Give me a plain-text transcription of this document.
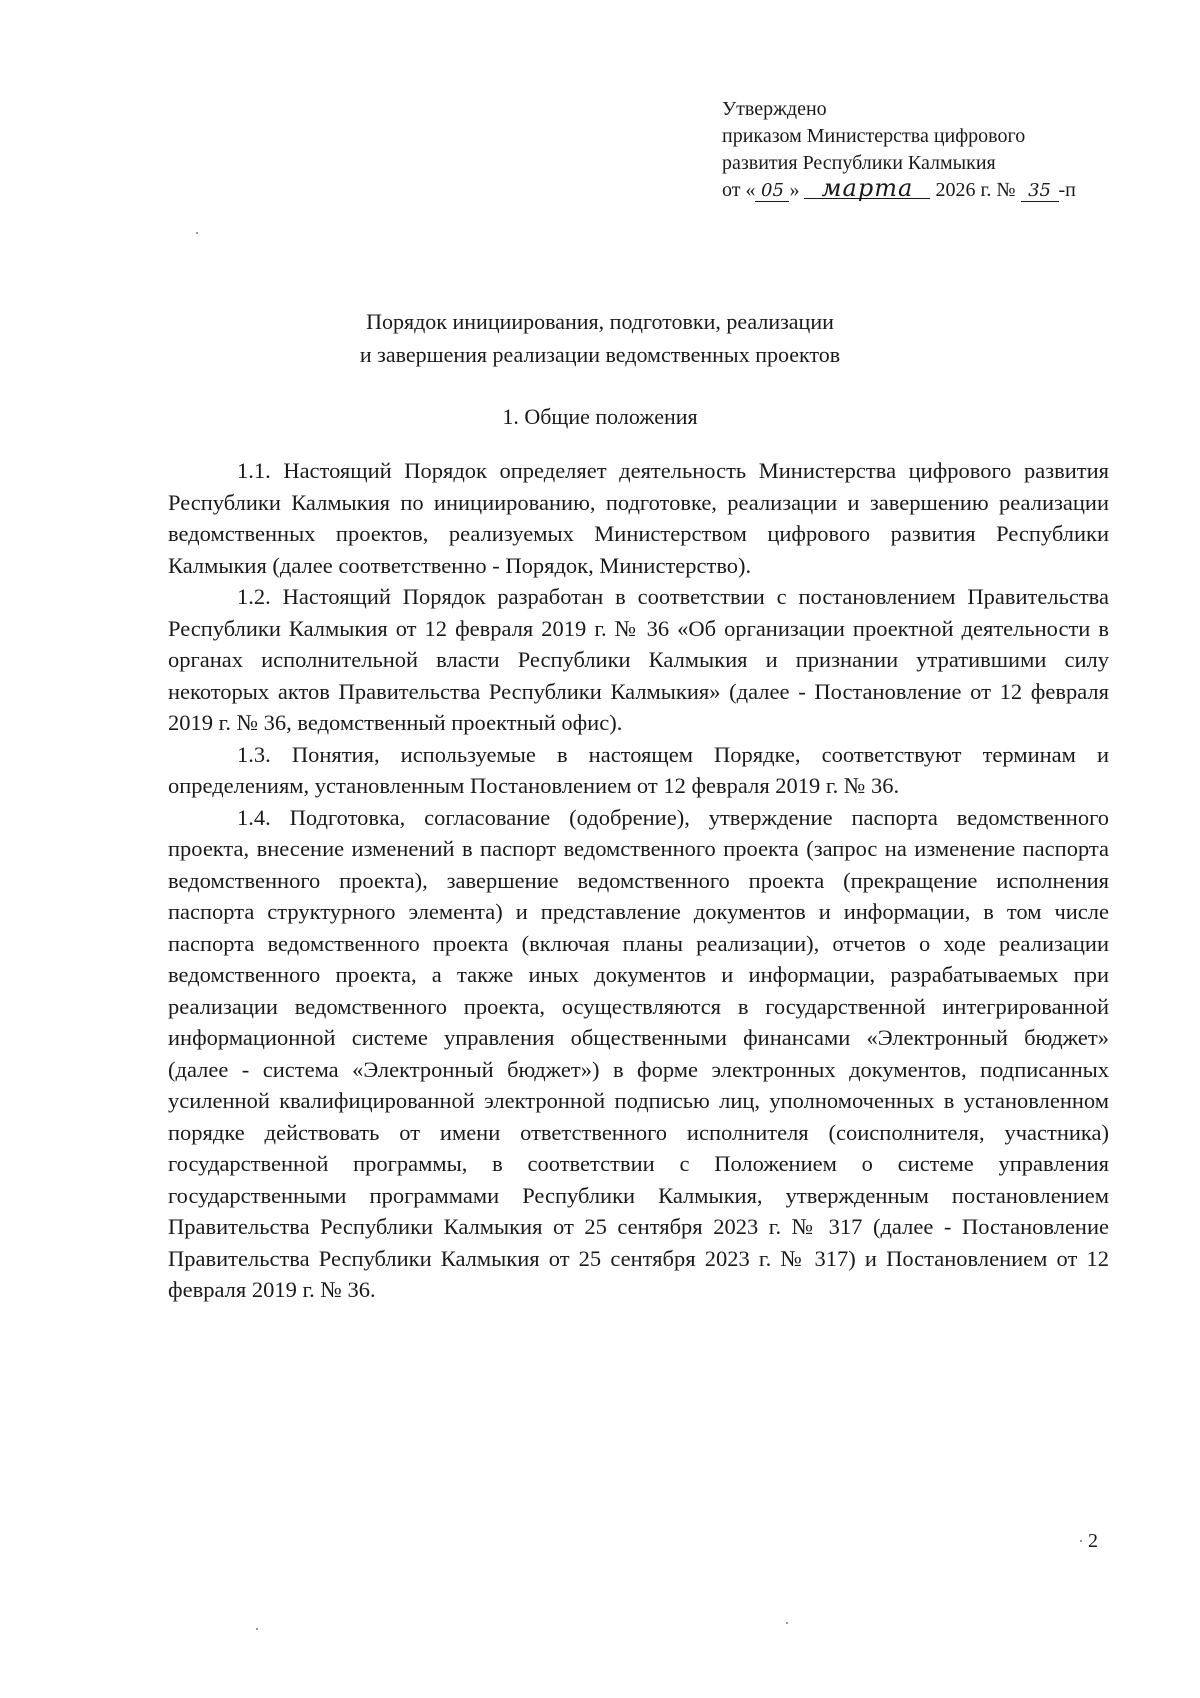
Утверждено
приказом Министерства цифрового
развития Республики Калмыкия
от « 05 » марта 2026 г. № 35 -п
Порядок инициирования, подготовки, реализации
и завершения реализации ведомственных проектов
1. Общие положения

1.1. Настоящий Порядок определяет деятельность Министерства цифрового развития Республики Калмыкия по инициированию, подготовке, реализации и завершению реализации ведомственных проектов, реализуемых Министерством цифрового развития Республики Калмыкия (далее соответственно - Порядок, Министерство).

1.2. Настоящий Порядок разработан в соответствии с постановлением Правительства Республики Калмыкия от 12 февраля 2019 г. № 36 «Об организации проектной деятельности в органах исполнительной власти Республики Калмыкия и признании утратившими силу некоторых актов Правительства Республики Калмыкия» (далее - Постановление от 12 февраля 2019 г. № 36, ведомственный проектный офис).

1.3. Понятия, используемые в настоящем Порядке, соответствуют терминам и определениям, установленным Постановлением от 12 февраля 2019 г. № 36.

1.4. Подготовка, согласование (одобрение), утверждение паспорта ведомственного проекта, внесение изменений в паспорт ведомственного проекта (запрос на изменение паспорта ведомственного проекта), завершение ведомственного проекта (прекращение исполнения паспорта структурного элемента) и представление документов и информации, в том числе паспорта ведомственного проекта (включая планы реализации), отчетов о ходе реализации ведомственного проекта, а также иных документов и информации, разрабатываемых при реализации ведомственного проекта, осуществляются в государственной интегрированной информационной системе управления общественными финансами «Электронный бюджет» (далее - система «Электронный бюджет») в форме электронных документов, подписанных усиленной квалифицированной электронной подписью лиц, уполномоченных в установленном порядке действовать от имени ответственного исполнителя (соисполнителя, участника) государственной программы, в соответствии с Положением о системе управления государственными программами Республики Калмыкия, утвержденным постановлением Правительства Республики Калмыкия от 25 сентября 2023 г. № 317 (далее - Постановление Правительства Республики Калмыкия от 25 сентября 2023 г. № 317) и Постановлением от 12 февраля 2019 г. № 36.

2
